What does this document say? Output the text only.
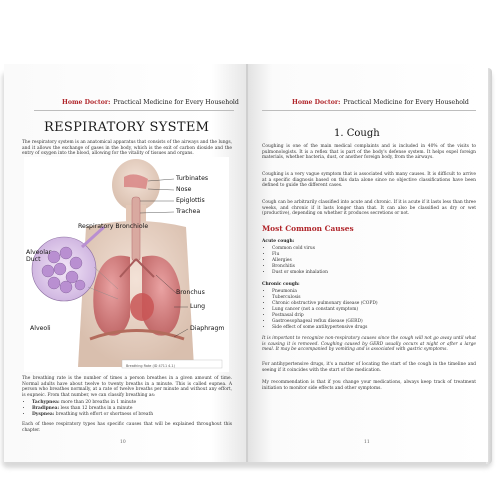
Home Doctor: Practical Medicine for Every Household
RESPIRATORY SYSTEM
The respiratory system is an anatomical apparatus that consists of the airways and the lungs, and it allows the exchange of gases in the body, which is the exit of carbon dioxide and the entry of oxygen into the blood, allowing for the vitality of tissues and organs.
Respiratory Bronchiole
Alveolar Duct
Alveoli
Turbinates
Nose
Epiglottis
Trachea
Bronchus
Lung
Diaphragm
Breathing Rate (ID 4711 4.1)
The breathing rate is the number of times a person breathes in a given amount of time. Normal adults have about twelve to twenty breaths in a minute. This is called eupnea. A person who breathes normally, at a rate of twelve breaths per minute and without any effort, is eupneic. From that number, we can classify breathing as:
• Tachypnea: more than 20 breaths in 1 minute
• Bradipnea: less than 12 breaths in a minute
• Dyspnea: breathing with effort or shortness of breath
Each of these respiratory types has specific causes that will be explained throughout this chapter.
10
Home Doctor: Practical Medicine for Every Household
1. Cough
Coughing is one of the main medical complaints and is included in 40% of the visits to pulmonologists. It is a reflex that is part of the body's defense system. It helps expel foreign materials, whether bacteria, dust, or another foreign body, from the airways.
Coughing is a very vague symptom that is associated with many causes. It is difficult to arrive at a specific diagnosis based on this data alone since no objective classifications have been defined to guide the different cases.
Cough can be arbitrarily classified into acute and chronic. If it is acute if it lasts less than three weeks, and chronic if it lasts longer than that. It can also be classified as dry or wet (productive), depending on whether it produces secretions or not.
Most Common Causes
Acute cough:
• Common cold virus
• Flu
• Allergies
• Bronchitis
• Dust or smoke inhalation
Chronic cough:
• Pneumonia
• Tuberculosis
• Chronic obstructive pulmonary disease (COPD)
• Lung cancer (not a constant symptom)
• Postnasal drip
• Gastroesophageal reflux disease (GERD)
• Side effect of some antihypertensive drugs
It is important to recognize non-respiratory causes since the cough will not go away until what is causing it is removed. Coughing caused by GERD usually occurs at night or after a large meal. It may be accompanied by vomiting and is associated with gastric symptoms.
For antihypertensive drugs, it's a matter of locating the start of the cough in the timeline and seeing if it coincides with the start of the medication.
My recommendation is that if you change your medications, always keep track of treatment initiation to monitor side effects and other symptoms.
11
